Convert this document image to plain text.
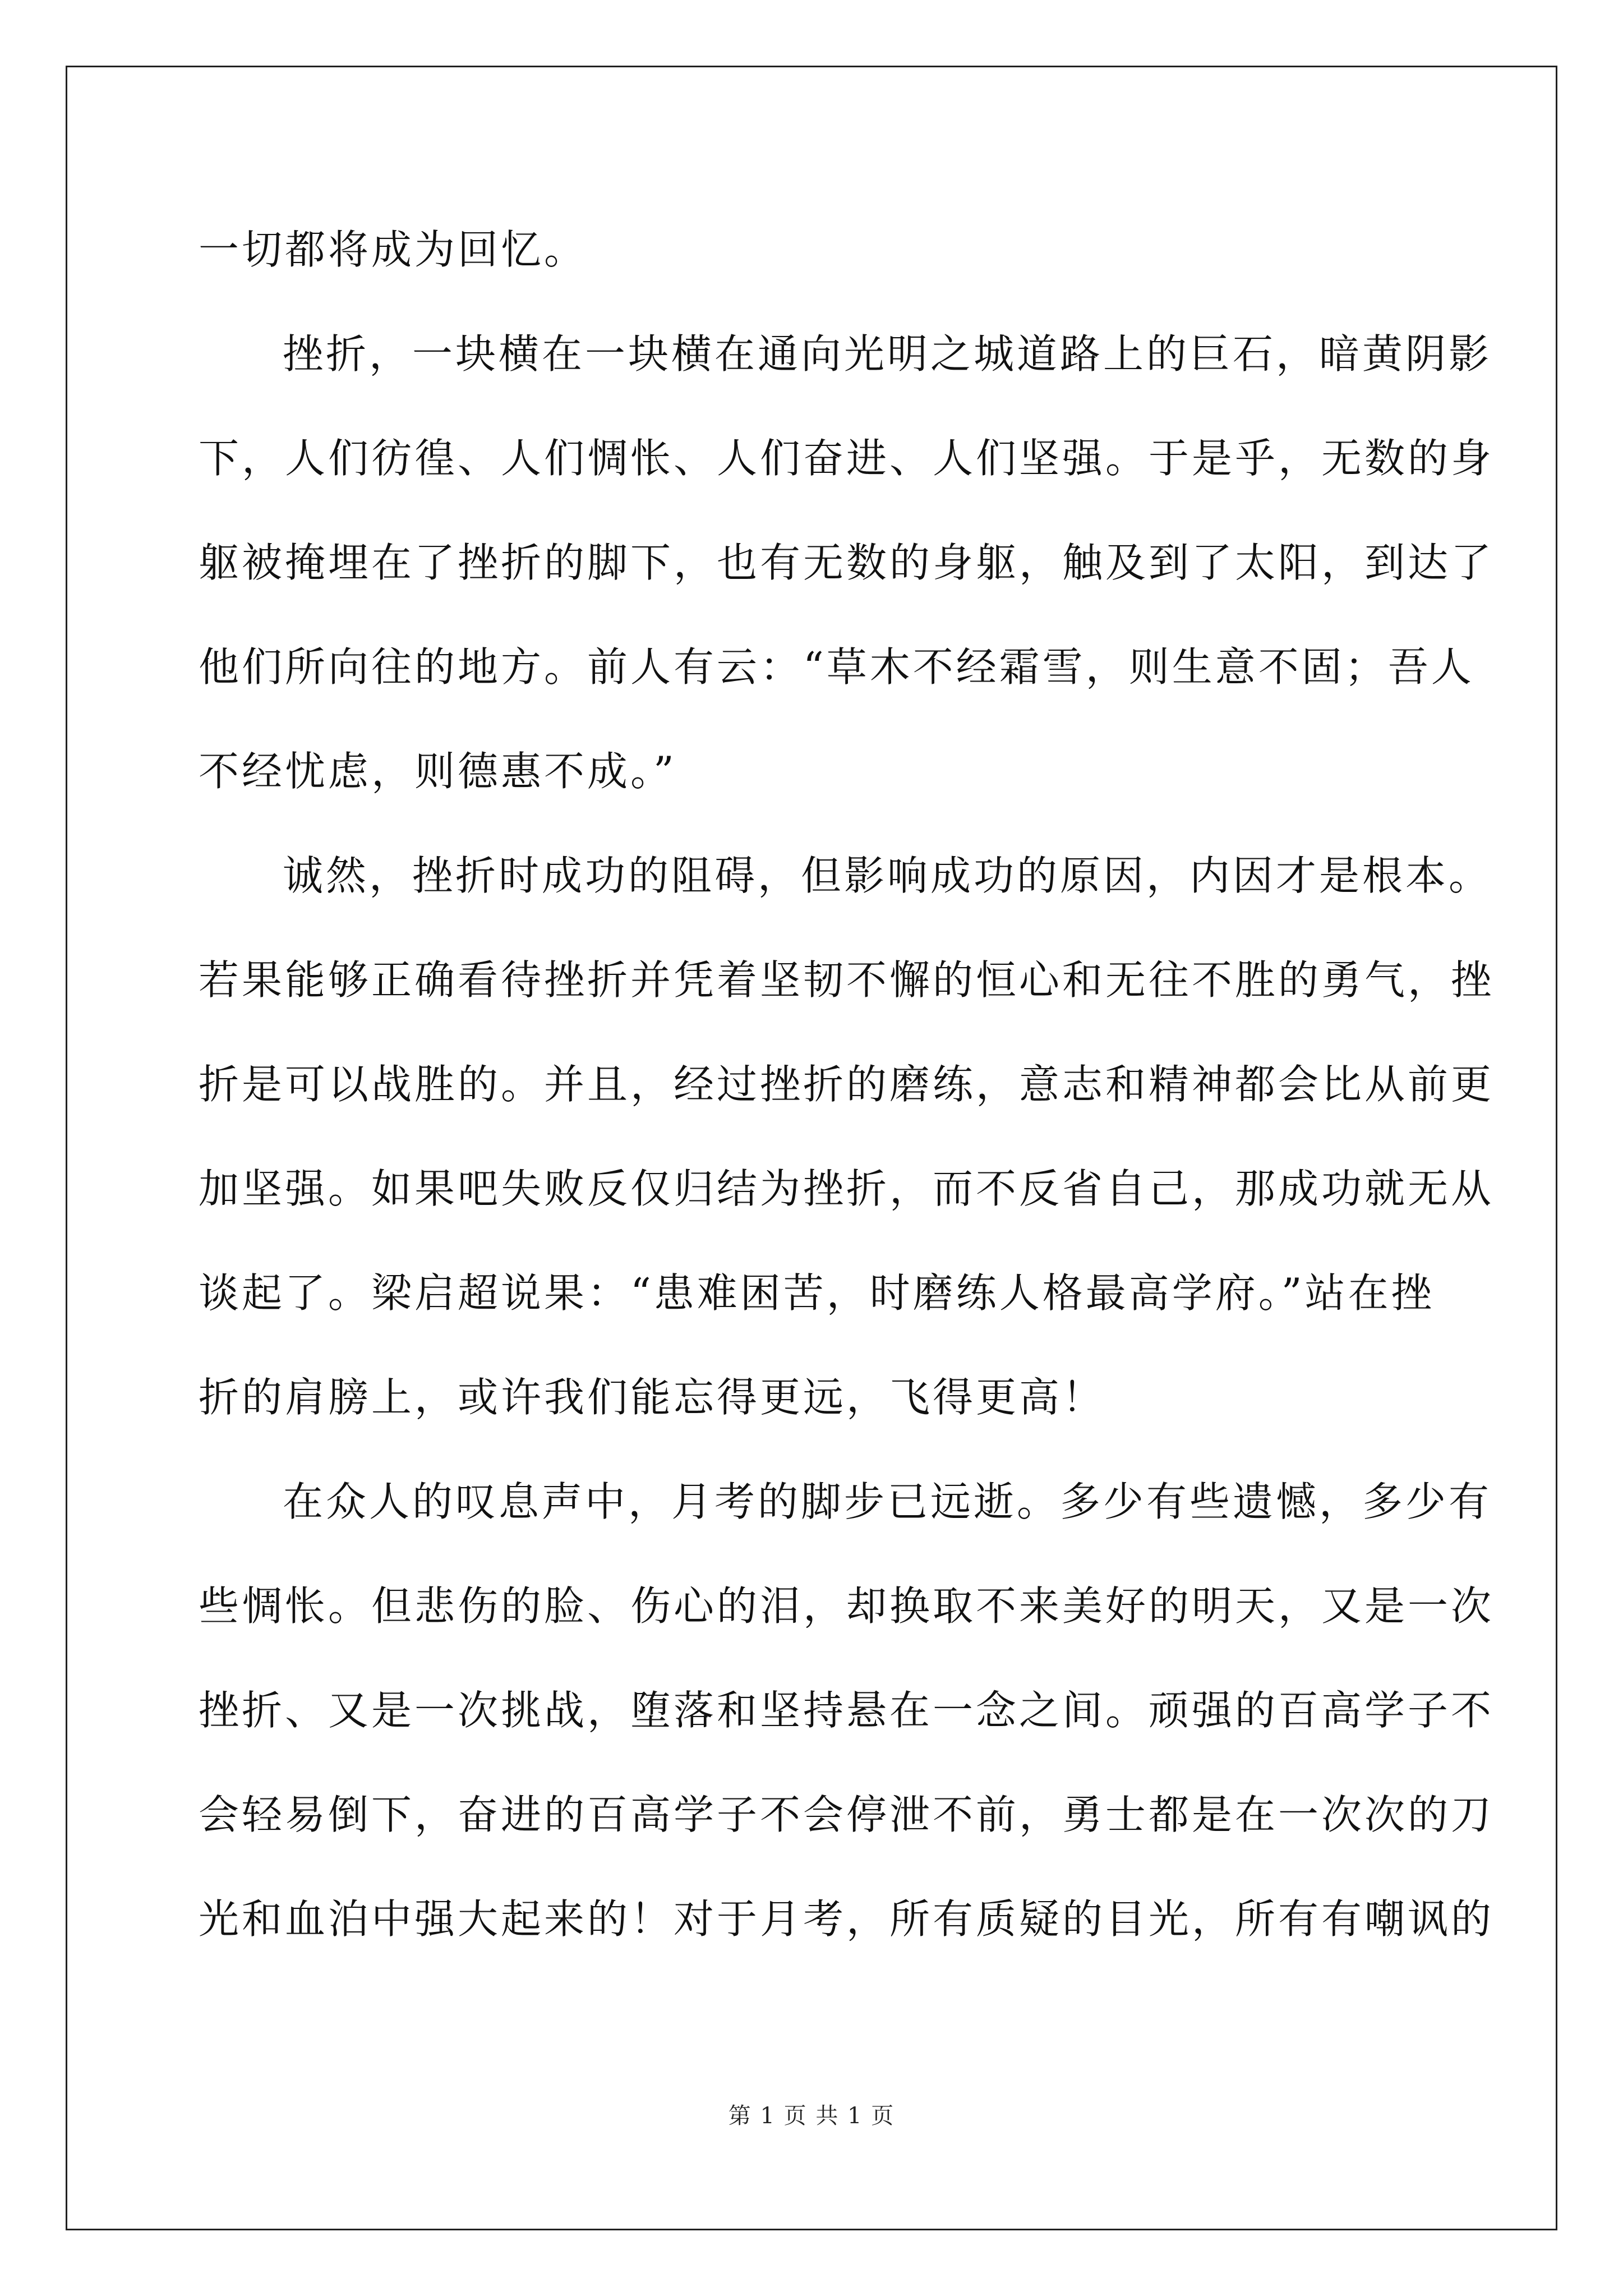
一切都将成为回忆。
挫折，一块横在一块横在通向光明之城道路上的巨石，暗黄阴影
下，人们彷徨、人们惆怅、人们奋进、人们坚强。于是乎，无数的身
躯被掩埋在了挫折的脚下，也有无数的身躯，触及到了太阳，到达了
他们所向往的地方。前人有云：“草木不经霜雪，则生意不固；吾人
不经忧虑，则德惠不成。”
诚然，挫折时成功的阻碍，但影响成功的原因，内因才是根本。
若果能够正确看待挫折并凭着坚韧不懈的恒心和无往不胜的勇气，挫
折是可以战胜的。并且，经过挫折的磨练，意志和精神都会比从前更
加坚强。如果吧失败反仅归结为挫折，而不反省自己，那成功就无从
谈起了。梁启超说果：“患难困苦，时磨练人格最高学府。”站在挫
折的肩膀上，或许我们能忘得更远，飞得更高！
在众人的叹息声中，月考的脚步已远逝。多少有些遗憾，多少有
些惆怅。但悲伤的脸、伤心的泪，却换取不来美好的明天，又是一次
挫折、又是一次挑战，堕落和坚持悬在一念之间。顽强的百高学子不
会轻易倒下，奋进的百高学子不会停泄不前，勇士都是在一次次的刀
光和血泊中强大起来的！对于月考，所有质疑的目光，所有有嘲讽的
第 1 页 共 1 页
